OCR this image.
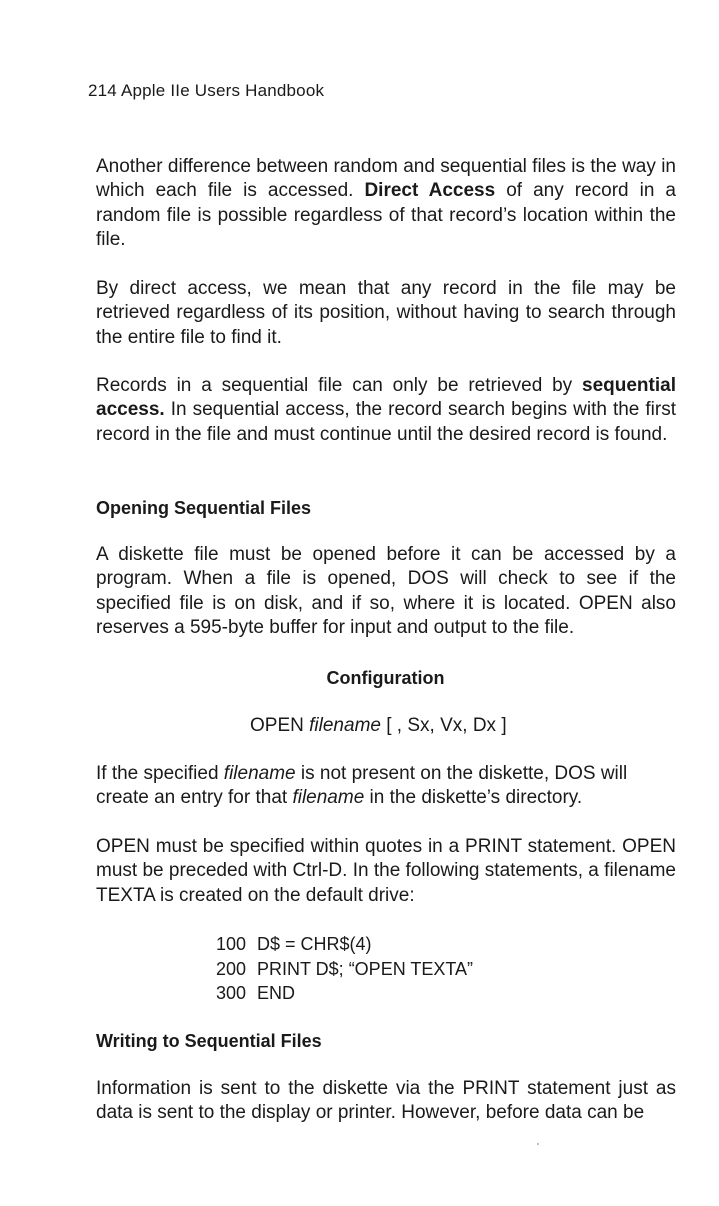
214 Apple IIe Users Handbook

Another difference between random and sequential files is the way in which each file is accessed. Direct Access of any record in a random file is possible regardless of that record’s location within the file.

By direct access, we mean that any record in the file may be retrieved regardless of its position, without having to search through the entire file to find it.

Records in a sequential file can only be retrieved by sequential access. In sequential access, the record search begins with the first record in the file and must continue until the desired record is found.

Opening Sequential Files

A diskette file must be opened before it can be accessed by a program. When a file is opened, DOS will check to see if the specified file is on disk, and if so, where it is located. OPEN also reserves a 595-byte buffer for input and output to the file.

Configuration
OPEN filename [ , Sx, Vx, Dx ]

If the specified filename is not present on the diskette, DOS will create an entry for that filename in the diskette’s directory.

OPEN must be specified within quotes in a PRINT statement. OPEN must be preceded with Ctrl-D. In the following statements, a filename TEXTA is created on the default drive:

100 D$ = CHR$(4)
200 PRINT D$; “OPEN TEXTA”
300 END
Writing to Sequential Files

Information is sent to the diskette via the PRINT statement just as data is sent to the display or printer. However, before data can be
